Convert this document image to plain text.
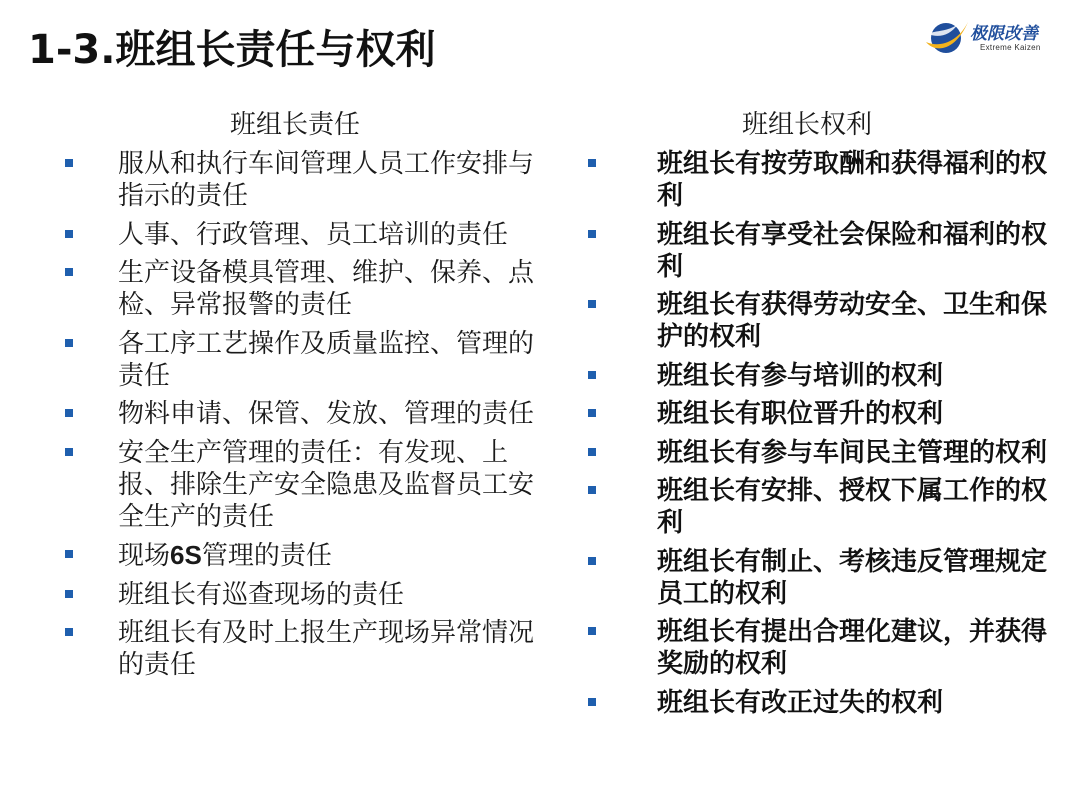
1-3.班组长责任与权利	极限改善
Extreme Kaizen
班组长责任	班组长权利
服从和执行车间管理人员工作安排与指示的责任
人事、行政管理、员工培训的责任
生产设备模具管理、维护、保养、点检、异常报警的责任
各工序工艺操作及质量监控、管理的责任
物料申请、保管、发放、管理的责任
安全生产管理的责任：有发现、上报、排除生产安全隐患及监督员工安全生产的责任
现场6S管理的责任
班组长有巡查现场的责任
班组长有及时上报生产现场异常情况的责任
班组长有按劳取酬和获得福利的权利
班组长有享受社会保险和福利的权利
班组长有获得劳动安全、卫生和保护的权利
班组长有参与培训的权利
班组长有职位晋升的权利
班组长有参与车间民主管理的权利
班组长有安排、授权下属工作的权利
班组长有制止、考核违反管理规定员工的权利
班组长有提出合理化建议，并获得奖励的权利
班组长有改正过失的权利
